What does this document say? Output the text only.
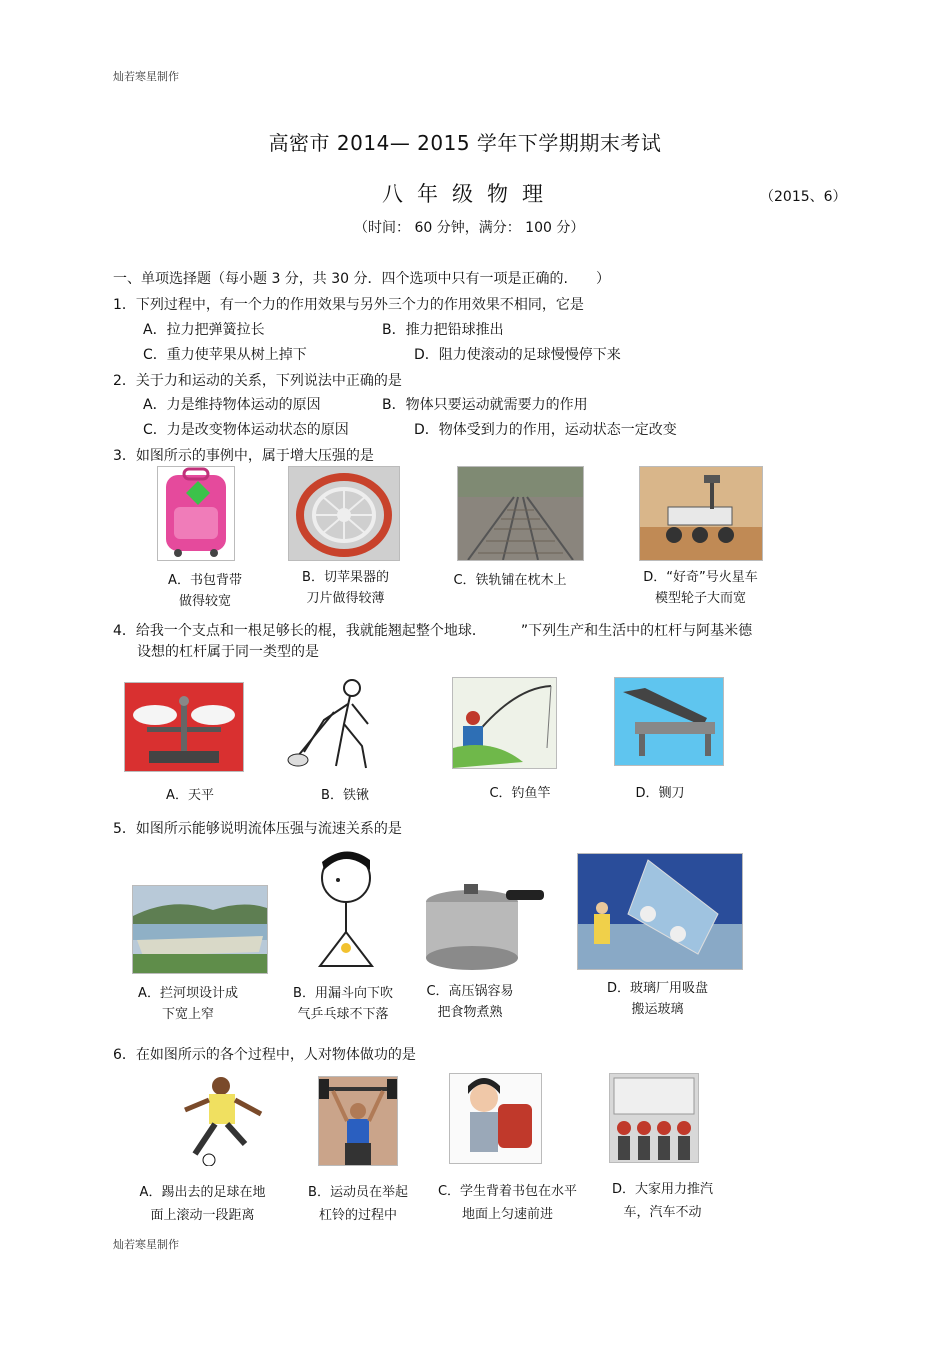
灿若寒星制作
灿若寒星制作
高密市 2014— 2015 学年下学期期末考试
八年级物理	（2015、6）
（时间： 60 分钟，满分： 100 分）
一、单项选择题（每小题 3 分，共 30 分．四个选项中只有一项是正确的.　　）
1．下列过程中，有一个力的作用效果与另外三个力的作用效果不相同，它是
A．拉力把弹簧拉长	B．推力把铅球推出
C．重力使苹果从树上掉下	D．阻力使滚动的足球慢慢停下来
2．关于力和运动的关系，下列说法中正确的是
A．力是维持物体运动的原因	B．物体只要运动就需要力的作用
C．力是改变物体运动状态的原因	D．物体受到力的作用，运动状态一定改变
3．如图所示的事例中，属于增大压强的是
A．书包背带
做得较宽
B．切苹果器的
刀片做得较薄
C．铁轨铺在枕木上	D．“好奇”号火星车
模型轮子大而宽
4．给我一个支点和一根足够长的棍，我就能翘起整个地球．　　　”下列生产和生活中的杠杆与阿基米德
设想的杠杆属于同一类型的是
A．天平	B．铁锹	C．钓鱼竿	D．铡刀
5．如图所示能够说明流体压强与流速关系的是
A．拦河坝设计成
下宽上窄
B．用漏斗向下吹
气乒乓球不下落
C．高压锅容易
把食物煮熟
D．玻璃厂用吸盘
搬运玻璃
6．在如图所示的各个过程中，人对物体做功的是
A．踢出去的足球在地
面上滚动一段距离
B．运动员在举起
杠铃的过程中
C．学生背着书包在水平
地面上匀速前进
D．大家用力推汽
车，汽车不动
